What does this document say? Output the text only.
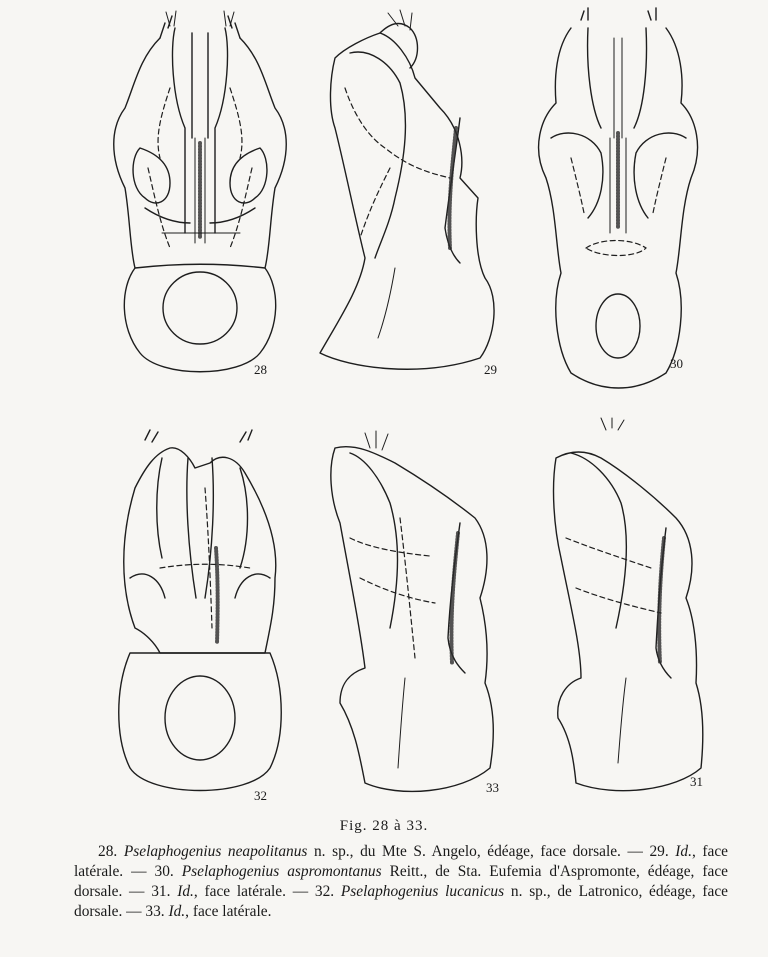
28	29	30
32
33	31
Fig. 28 à 33.

28. Pselaphogenius neapolitanus n. sp., du Mte S. Angelo, édéage, face dorsale. — 29. Id., face latérale. — 30. Pselaphogenius aspromontanus Reitt., de Sta. Eufemia d'Aspromonte, édéage, face dorsale. — 31. Id., face latérale. — 32. Pselaphogenius lucanicus n. sp., de Latronico, édéage, face dorsale. — 33. Id., face latérale.
